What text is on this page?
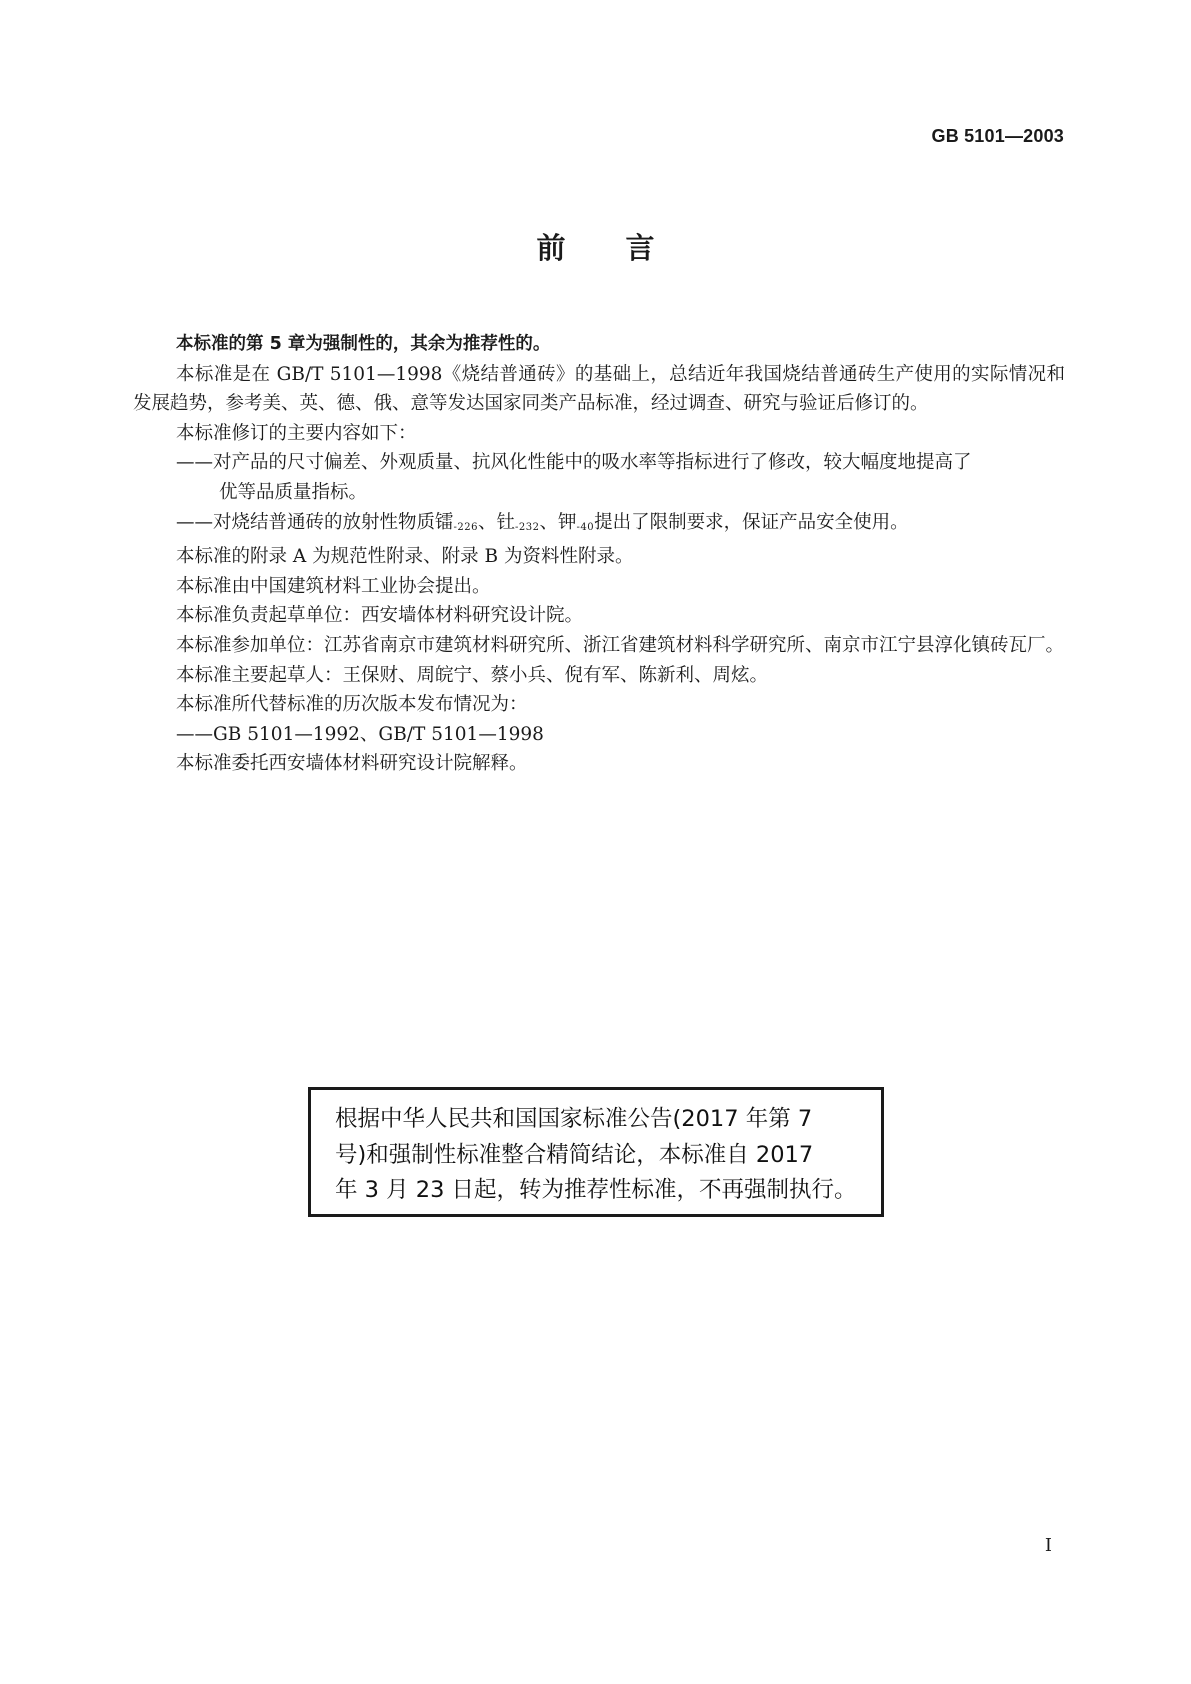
GB 5101—2003
前言

本标准的第 5 章为强制性的，其余为推荐性的。

本标准是在 GB/T 5101—1998《烧结普通砖》的基础上，总结近年我国烧结普通砖生产使用的实际情况和发展趋势，参考美、英、德、俄、意等发达国家同类产品标准，经过调查、研究与验证后修订的。

本标准修订的主要内容如下：

——对产品的尺寸偏差、外观质量、抗风化性能中的吸水率等指标进行了修改，较大幅度地提高了

优等品质量指标。

——对烧结普通砖的放射性物质镭$_{-226}$、钍$_{-232}$、钾$_{-40}$提出了限制要求，保证产品安全使用。

本标准的附录 A 为规范性附录、附录 B 为资料性附录。

本标准由中国建筑材料工业协会提出。

本标准负责起草单位：西安墙体材料研究设计院。

本标准参加单位：江苏省南京市建筑材料研究所、浙江省建筑材料科学研究所、南京市江宁县淳化镇砖瓦厂。

本标准主要起草人：王保财、周皖宁、蔡小兵、倪有军、陈新利、周炫。

本标准所代替标准的历次版本发布情况为：

——GB 5101—1992、GB/T 5101—1998

本标准委托西安墙体材料研究设计院解释。

根据中华人民共和国国家标准公告(2017 年第 7
号)和强制性标准整合精简结论，本标准自 2017
年 3 月 23 日起，转为推荐性标准，不再强制执行。
I
